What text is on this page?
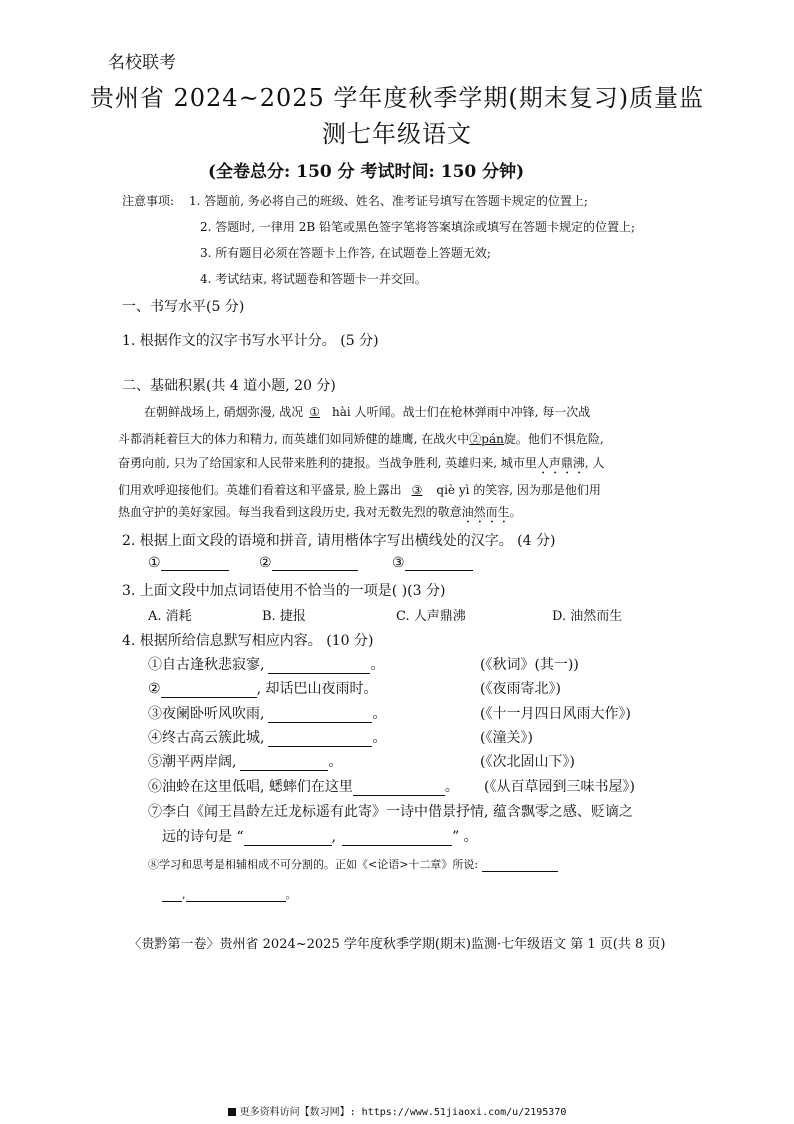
名校联考
贵州省 2024~2025 学年度秋季学期(期末复习)质量监
测七年级语文
(全卷总分: 150 分 考试时间: 150 分钟)
注意事项: 1. 答题前, 务必将自己的班级、姓名、准考证号填写在答题卡规定的位置上;
2. 答题时, 一律用 2B 铅笔或黑色签字笔将答案填涂或填写在答题卡规定的位置上;
3. 所有题目必须在答题卡上作答, 在试题卷上答题无效;
4. 考试结束, 将试题卷和答题卡一并交回。
一、书写水平(5 分)
1. 根据作文的汉字书写水平计分。 (5 分)
二、基础积累(共 4 道小题, 20 分)
在朝鲜战场上, 硝烟弥漫, 战况 ① hài 人听闻。战士们在枪林弹雨中冲锋, 每一次战
斗都消耗着巨大的体力和精力, 而英雄们如同矫健的雄鹰, 在战火中②pán旋。他们不惧危险,
奋勇向前, 只为了给国家和人民带来胜利的捷报。当战争胜利, 英雄归来, 城市里人声鼎沸, 人
们用欢呼迎接他们。英雄们看着这和平盛景, 脸上露出 ③ qiè yì 的笑容, 因为那是他们用
热血守护的美好家园。每当我看到这段历史, 我对无数先烈的敬意油然而生。
2. 根据上面文段的语境和拼音, 请用楷体字写出横线处的汉字。 (4 分)
①	②	③
3. 上面文段中加点词语使用不恰当的一项是( )(3 分)
A. 消耗	B. 捷报	C. 人声鼎沸	D. 油然而生
4. 根据所给信息默写相应内容。 (10 分)
①自古逢秋悲寂寥,	。	(《秋词》(其一))
②	, 却话巴山夜雨时。	(《夜雨寄北》)
③夜阑卧听风吹雨,	。	(《十一月四日风雨大作》)
④终古高云簇此城,	。	(《潼关》)
⑤潮平两岸阔,	。	(《次北固山下》)
⑥油蛉在这里低唱, 蟋蟀们在这里	。 (《从百草园到三味书屋》)
⑦李白《闻王昌龄左迁龙标遥有此寄》一诗中借景抒情, 蕴含飘零之感、贬谪之
远的诗句是 “	,	” 。
⑧学习和思考是相辅相成不可分割的。正如《<论语>十二章》所说:
,	。
〈贵黔第一卷〉贵州省 2024~2025 学年度秋季学期(期末)监测·七年级语文 第 1 页(共 8 页)
更多资料访问【数习网】: https://www.51jiaoxi.com/u/2195370
